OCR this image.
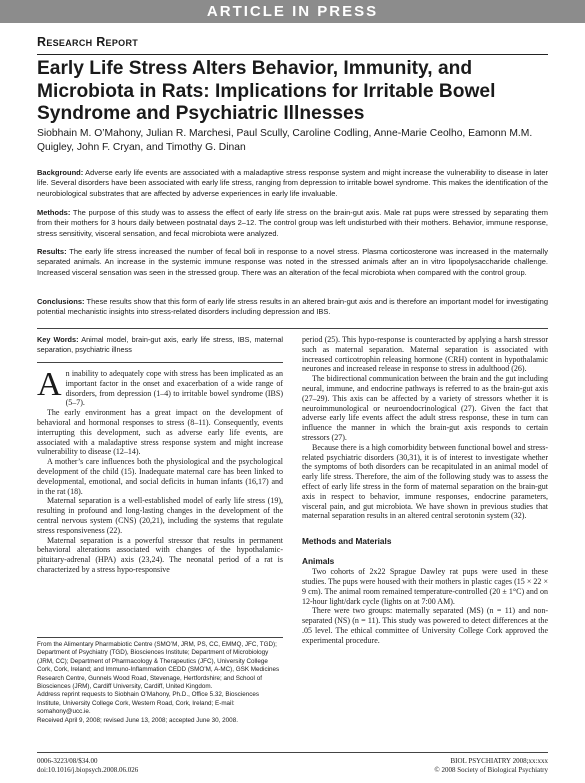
ARTICLE IN PRESS
Research Report
Early Life Stress Alters Behavior, Immunity, and Microbiota in Rats: Implications for Irritable Bowel Syndrome and Psychiatric Illnesses
Siobhain M. O’Mahony, Julian R. Marchesi, Paul Scully, Caroline Codling, Anne-Marie Ceolho, Eamonn M.M. Quigley, John F. Cryan, and Timothy G. Dinan
Background: Adverse early life events are associated with a maladaptive stress response system and might increase the vulnerability to disease in later life. Several disorders have been associated with early life stress, ranging from depression to irritable bowel syndrome. This makes the identification of the neurobiological substrates that are affected by adverse experiences in early life invaluable.
Methods: The purpose of this study was to assess the effect of early life stress on the brain-gut axis. Male rat pups were stressed by separating them from their mothers for 3 hours daily between postnatal days 2–12. The control group was left undisturbed with their mothers. Behavior, immune response, stress sensitivity, visceral sensation, and fecal microbiota were analyzed.
Results: The early life stress increased the number of fecal boli in response to a novel stress. Plasma corticosterone was increased in the maternally separated animals. An increase in the systemic immune response was noted in the stressed animals after an in vitro lipopolysaccharide challenge. Increased visceral sensation was seen in the stressed group. There was an alteration of the fecal microbiota when compared with the control group.
Conclusions: These results show that this form of early life stress results in an altered brain-gut axis and is therefore an important model for investigating potential mechanistic insights into stress-related disorders including depression and IBS.
Key Words: Animal model, brain-gut axis, early life stress, IBS, maternal separation, psychiatric illness

An inability to adequately cope with stress has been implicated as an important factor in the onset and exacerbation of a wide range of disorders, from depression (1–4) to irritable bowel syndrome (IBS) (5–7).

The early environment has a great impact on the development of behavioral and hormonal responses to stress (8–11). Consequently, events interrupting this development, such as adverse early life events, are associated with a maladaptive stress response system and might increase vulnerability to disease (12–14).

A mother’s care influences both the physiological and the psychological development of the child (15). Inadequate maternal care has been linked to developmental, emotional, and social deficits in human infants (16,17) and in the rat (18).

Maternal separation is a well-established model of early life stress (19), resulting in profound and long-lasting changes in the development of the central nervous system (CNS) (20,21), including the systems that regulate stress responsiveness (22).

Maternal separation is a powerful stressor that results in permanent behavioral alterations associated with changes of the hypothalamic-pituitary-adrenal (HPA) axis (23,24). The neonatal period of a rat is characterized by a stress hypo-responsive

From the Alimentary Pharmabiotic Centre (SMO’M, JRM, PS, CC, EMMQ, JFC, TGD); Department of Psychiatry (TGD), Biosciences Institute; Department of Microbiology (JRM, CC); Department of Pharmacology & Therapeutics (JFC), University College Cork, Cork, Ireland; and Immuno-Inflammation CEDD (SMO’M, A-MC), GSK Medicines Research Centre, Gunnels Wood Road, Stevenage, Hertfordshire; and School of Biosciences (JRM), Cardiff University, Cardiff, United Kingdom.
Address reprint requests to Siobhain O’Mahony, Ph.D., Office 5.32, Biosciences Institute, University College Cork, Western Road, Cork, Ireland; E-mail: somahony@ucc.ie.
Received April 9, 2008; revised June 13, 2008; accepted June 30, 2008.

period (25). This hypo-response is counteracted by applying a harsh stressor such as maternal separation. Maternal separation is associated with increased corticotrophin releasing hormone (CRH) content in hypothalamic neurones and increased release in response to stress in adulthood (26).

The bidirectional communication between the brain and the gut including neural, immune, and endocrine pathways is referred to as the brain-gut axis (27–29). This axis can be affected by a variety of stressors whether it is neuroimmunological or neuroendocrinological (27). Given the fact that adverse early life events affect the adult stress response, these in turn can influence the manner in which the brain-gut axis responds to certain stressors (27).

Because there is a high comorbidity between functional bowel and stress-related psychiatric disorders (30,31), it is of interest to investigate whether the symptoms of both disorders can be recapitulated in an animal model of early life stress. Therefore, the aim of the following study was to assess the effect of early life stress in the form of maternal separation on the brain-gut axis in respect to behavior, immune responses, endocrine parameters, visceral pain, and gut microbiota. We have shown in previous studies that maternal separation results in an altered central serotonin system (32).

Methods and Materials
Animals

Two cohorts of 2x22 Sprague Dawley rat pups were used in these studies. The pups were housed with their mothers in plastic cages (15 × 22 × 9 cm). The animal room remained temperature-controlled (20 ± 1°C) and on 12-hour light/dark cycle (lights on at 7:00 AM).

There were two groups: maternally separated (MS) (n = 11) and non-separated (NS) (n = 11). This study was powered to detect differences at the .05 level. The ethical committee of University College Cork approved the experimental procedure.

0006-3223/08/$34.00
doi:10.1016/j.biopsych.2008.06.026
BIOL PSYCHIATRY 2008;xx:xxx
© 2008 Society of Biological Psychiatry
